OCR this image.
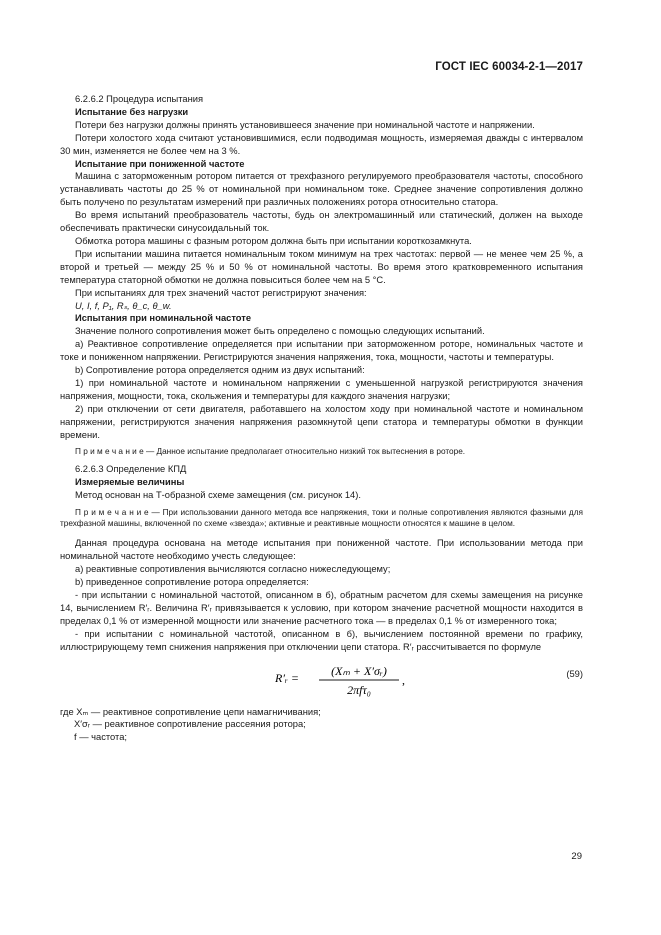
ГОСТ IEC 60034-2-1—2017

6.2.6.2 Процедура испытания

Испытание без нагрузки

Потери без нагрузки должны принять установившееся значение при номинальной частоте и напряжении.

Потери холостого хода считают установившимися, если подводимая мощность, измеряемая дважды с интервалом 30 мин, изменяется не более чем на 3 %.

Испытание при пониженной частоте

Машина с заторможенным ротором питается от трехфазного регулируемого преобразователя частоты, способного устанавливать частоты до 25 % от номинальной при номинальном токе. Среднее значение сопротивления должно быть получено по результатам измерений при различных положениях ротора относительно статора.

Во время испытаний преобразователь частоты, будь он электромашинный или статический, должен на выходе обеспечивать практически синусоидальный ток.

Обмотка ротора машины с фазным ротором должна быть при испытании короткозамкнута.

При испытании машина питается номинальным током минимум на трех частотах: первой — не менее чем 25 %, а второй и третьей — между 25 % и 50 % от номинальной частоты. Во время этого кратковременного испытания температура статорной обмотки не должна повыситься более чем на 5 °С.

При испытаниях для трех значений частот регистрируют значения:

U, I, f, P₁, Rₛ, θ_c, θ_w.

Испытания при номинальной частоте

Значение полного сопротивления может быть определено с помощью следующих испытаний.

a) Реактивное сопротивление определяется при испытании при заторможенном роторе, номинальных частоте и токе и пониженном напряжении. Регистрируются значения напряжения, тока, мощности, частоты и температуры.

b) Сопротивление ротора определяется одним из двух испытаний:

1) при номинальной частоте и номинальном напряжении с уменьшенной нагрузкой регистрируются значения напряжения, мощности, тока, скольжения и температуры для каждого значения нагрузки;

2) при отключении от сети двигателя, работавшего на холостом ходу при номинальной частоте и номинальном напряжении, регистрируются значения напряжения разомкнутой цепи статора и температуры обмотки в функции времени.

П р и м е ч а н и е — Данное испытание предполагает относительно низкий ток вытеснения в роторе.

6.2.6.3 Определение КПД

Измеряемые величины

Метод основан на Т-образной схеме замещения (см. рисунок 14).

П р и м е ч а н и е — При использовании данного метода все напряжения, токи и полные сопротивления являются фазными для трехфазной машины, включенной по схеме «звезда»; активные и реактивные мощности относятся к машине в целом.

Данная процедура основана на методе испытания при пониженной частоте. При использовании метода при номинальной частоте необходимо учесть следующее:

a) реактивные сопротивления вычисляются согласно нижеследующему;

b) приведенное сопротивление ротора определяется:

- при испытании с номинальной частотой, описанном в б), обратным расчетом для схемы замещения на рисунке 14, вычислением R′ᵣ. Величина R′ᵣ привязывается к условию, при котором значение расчетной мощности находится в пределах 0,1 % от измеренной мощности или значение расчетного тока — в пределах 0,1 % от измеренного тока;

- при испытании с номинальной частотой, описанном в б), вычислением постоянной времени по графику, иллюстрирующему темп снижения напряжения при отключении цепи статора. R′ᵣ рассчитывается по формуле

R′ᵣ =	(Xₘ + X′σᵣ)
2πfτ₀
,	(59)

где Xₘ — реактивное сопротивление цепи намагничивания;

X′σᵣ — реактивное сопротивление рассеяния ротора;

f — частота;

29
